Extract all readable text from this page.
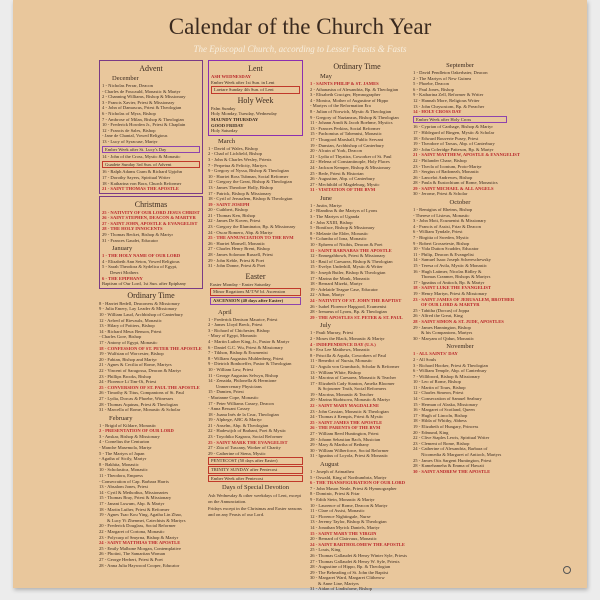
Calendar of the Church Year
The Episcopal Church, according to Lesser Feasts & Fasts
Advent
December
1 - Nicholas Ferrar, Deacon
- Charles de Foucauld, Monastic & Martyr
2 - Channing Williams, Bishop & Missionary
3 - Francis Xavier, Priest & Missionary
4 - John of Damascus, Priest & Theologian
6 - Nicholas of Myra, Bishop
7 - Ambrose of Milan, Bishop & Theologian
10 - Frederick Howden Jr., Priest & Chaplain
12 - Francis de Sales, Bishop
- Jane de Chantal, Vowed Religious
13 - Lucy of Syracuse, Martyr
Ember Week after St. Lucy's Day
14 - John of the Cross, Mystic & Monastic
Guadete Sunday 3rd Sun. of Advent
16 - Ralph Adams Cram & Richard Upjohn
17 - Dorothy Sayers, Spiritual Writer
18 - Katharina von Bora, Church Reformer
21 - SAINT THOMAS THE APOSTLE
Christmas
25 - NATIVITY OF OUR LORD JESUS CHRIST
26 - SAINT STEPHEN, DEACON & MARTYR
27 - SAINT JOHN, APOSTLE & EVANGELIST
28 - THE HOLY INNOCENTS
29 - Thomas Becket, Bishop & Martyr
31 - Frances Gaudet, Educator
January
1 - THE HOLY NAME OF OUR LORD
4 - Elizabeth Ann Seton, Vowed Religious
5 - Sarah Theodora & Sydelica of Egypt,
Desert Mothers
6 - THE EPIPHANY
Baptism of Our Lord, 1st Sun. after Epiphany
Ordinary Time
8 - Harriet Bedell, Deaconess & Missionary
9 - Julia Emery, Lay Leader & Missionary
10 - William Laud, Archbishop of Canterbury
12 - Aelred of Rievaulx, Monastic
13 - Hilary of Poitiers, Bishop
14 - Richard Meux Benson, Priest
- Charles Gore, Bishop
17 - Antony of Egypt, Monastic
18 - CONFESSION OF ST. PETER THE APOSTLE
19 - Wulfstan of Worcester, Bishop
20 - Fabian, Bishop and Martyr
21 - Agnes & Cecilia of Rome, Martyrs
22 - Vincent of Saragossa, Deacon & Martyr
23 - Phillips Brooks, Bishop
24 - Florence Li Tim-Oi, Priest
25 - CONVERSION OF ST. PAUL THE APOSTLE
26 - Timothy & Titus, Companions of St. Paul
27 - Lydia, Dorcas & Phoebe, Witnesses
28 - Thomas Aquinas, Priest & Theologian
31 - Marcella of Rome, Monastic & Scholar
February
1 - Brigid of Kildare, Monastic
2 - PRESENTATION OF OUR LORD
3 - Anskar, Bishop & Missionary
4 - Cornelius the Centurion
- Manche Masemola, Martyr
5 - The Martyrs of Japan
- Agatha of Sicily, Martyr
8 - Bakhita, Monastic
10 - Scholastica, Monastic
11 - Theodora, Empress
- Consecration of Cap. Barbara Harris
13 - Absalom Jones, Priest
14 - Cyril & Methodius, Missionaries
15 - Thomas Bray, Priest & Missionary
17 - Janani Luwum, Abp. & Martyr
18 - Martin Luther, Priest & Reformer
19 - Agnes Tsao Kou Ying, Agatha Lin Zhao,
& Lucy Yi Zhenmei, Catechists & Martyrs
20 - Frederick Douglass, Social Reformer
22 - Margaret of Cortona, Monastic
23 - Polycarp of Smyrna, Bishop & Martyr
24 - SAINT MATTHIAS THE APOSTLE
25 - Emily Malbone Morgan, Contemplative
26 - Photini, The Samaritan Woman
27 - George Herbert, Priest & Poet
28 - Anna Julia Haywood Cooper, Educator
Lent
ASH WEDNESDAY
Ember Week after 1st Sun. in Lent
Laetare Sunday 4th Sun. of Lent
Holy Week
Palm Sunday
Holy Monday, Tuesday, Wednesday
MAUNDY THURSDAY
GOOD FRIDAY
Holy Saturday
March
1 - David of Wales, Bishop
2 - Chad of Lichfield, Bishop
3 - John & Charles Wesley, Priests
7 - Perpetua & Felicity, Martyrs
9 - Gregory of Nyssa, Bishop & Theologian
10 - Harriet Ross Tubman, Social Reformer
12 - Gregory the Great, Bishop & Theologian
13 - James Theodore Holly, Bishop
17 - Patrick, Bishop & Missionary
18 - Cyril of Jerusalem, Bishop & Theologian
19 - SAINT JOSEPH
20 - Cuthbert, Bishop
21 - Thomas Ken, Bishop
22 - James De Koven, Priest
23 - Gregory the Illuminator, Bp. & Missionary
24 - Oscar Romero, Abp. & Martyr
25 - THE ANNUNCIATION TO THE BVM
26 - Harriet Monsell, Monastic
27 - Charles Henry Brent, Bishop
28 - James Solomon Russell, Priest
29 - John Keble, Priest & Poet
31 - John Donne, Priest & Poet
Easter
Easter Monday - Easter Saturday
Minor Rogations M/T/W bf. Ascension
ASCENSION (40 days after Easter)
April
1 - Frederick Denison Maurice, Priest
2 - James Lloyd Breck, Priest
3 - Richard of Chichester, Bishop
- Mary of Egypt, Monastic
4 - Martin Luther King, Jr., Pastor & Martyr
6 - Daniel G.C. Wu, Priest & Missionary
7 - Tikhon, Bishop & Ecumenist
8 - William Augustus Muhlenberg, Priest
9 - Dietrich Bonhoeffer, Pastor & Theologian
10 - William Law, Priest
11 - George Augustus Selwyn, Bishop
14 - Zenaida, Philonella & Hermione
Unmercenary Physicians
15 - Damien, Priest
- Marianne Cope, Monastic
17 - Peter Williams Cassey, Deacon
- Anna Bessant Cassey
18 - Juana Inés de la Cruz, Theologian
19 - Alphege, ABC & Martyr
21 - Anselm, Abp. & Theologian
22 - Hadewijch of Brabant, Poet & Mystic
23 - Toyohiko Kagawa, Social Reformer
25 - SAINT MARK THE EVANGELIST
27 - Zita of Tuscany, Worker of Charity
29 - Catherine of Siena, Mystic
PENTECOST (50 days after Easter)
TRINITY SUNDAY after Pentecost
Ember Week after Pentecost
Days of Special Devotion
Ash Wednesday & other weekdays of Lent, except on the Annunciation.
Fridays except in the Christmas and Easter seasons and on any Feasts of our Lord.
Ordinary Time
May
1 - SAINTS PHILIP & ST. JAMES
2 - Athanasius of Alexandria, Bp. & Theologian
3 - Elisabeth Cruciger, Hymnographer
4 - Monica, Mother of Augustine of Hippo
- Martyrs of the Reformation Era
8 - Julian of Norwich, Mystic & Theologian
9 - Gregory of Nazianzus, Bishop & Theologian
11 - Johann Arndt & Jacob Boehme, Mystics
13 - Frances Perkins, Social Reformer
15 - Pachomius of Tabennisi, Monastic
17 - Thurgood Marshall, Public Servant
19 - Dunstan, Archbishop of Canterbury
20 - Alcuin of York, Deacon
21 - Lydia of Thyatira, Coworker of St. Paul
22 - Helena of Constantinople, Holy Places
24 - Jackson Kemper, Bishop & Missionary
25 - Bede, Priest & Historian
26 - Augustine, Abp. of Canterbury
27 - Mechthild of Magdeburg, Mystic
31 - VISITATION OF THE BVM
June
1 - Justin, Martyr
2 - Blandina & the Martyrs of Lyons
3 - The Martyrs of Uganda
4 - John XXIII, Bishop
5 - Boniface, Bishop & Missionary
8 - Melanie the Elder, Monastic
9 - Columba of Iona, Monastic
10 - Ephrem of Nisibis, Deacon & Poet
11 - SAINT BARNABAS THE APOSTLE
12 - Enmegahbowh, Priest & Missionary
14 - Basil of Caesarea, Bishop & Theologian
15 - Evelyn Underhill, Mystic & Writer
16 - Joseph Butler, Bishop & Theologian
17 - Marina the Monk, Monastic
18 - Bernard Mizeki, Martyr
19 - Adelaide Teague Case, Educator
22 - Alban, Martyr
24 - NATIVITY OF ST. JOHN THE BAPTIST
26 - Isabel Florence Hapgood, Ecumenist
28 - Irenaeus of Lyons, Bp. & Theologian
29 - THE APOSTLES ST. PETER & ST. PAUL
July
1 - Pauli Murray, Priest
2 - Moses the Black, Monastic & Martyr
4 - INDEPENDENCE DAY (U.S.)
6 - Eva Lee Matthews, Monastic
8 - Priscilla & Aquila, Coworkers of Paul
11 - Benedict of Nursia, Monastic
12 - Argula von Grumbach, Scholar & Reformer
13 - William White, Bishop
14 - Macrina of Caesarea, Monastic & Teacher
17 - Elizabeth Cady Stanton, Amelia Bloomer
& Sojourner Truth, Social Reformers
19 - Macrina, Monastic & Teacher
20 - Marina Skobtsova, Monastic & Martyr
22 - SAINT MARY MAGDALENE
23 - John Cassian, Monastic & Theologian
24 - Thomas à Kempis, Priest & Mystic
25 - SAINT JAMES THE APOSTLE
26 - THE PARENTS OF THE BVM
27 - William Reed Huntington, Priest
28 - Johann Sebastian Bach, Musician
29 - Mary & Martha of Bethany
30 - William Wilberforce, Social Reformer
31 - Ignatius of Loyola, Priest & Monastic
August
1 - Joseph of Arimathea
5 - Oswald, King of Northumbria, Martyr
6 - THE TRANSFIGURATION OF OUR LORD
7 - John Mason Neale, Priest & Hymnographer
8 - Dominic, Priest & Friar
9 - Edith Stein, Monastic & Martyr
10 - Laurence of Rome, Deacon & Martyr
11 - Clare of Assisi, Monastic
12 - Florence Nightingale, Nurse
13 - Jeremy Taylor, Bishop & Theologian
14 - Jonathan Myrick Daniels, Martyr
15 - SAINT MARY THE VIRGIN
20 - Bernard of Clairvaux, Monastic
24 - SAINT BARTHOLOMEW THE APOSTLE
25 - Louis, King
26 - Thomas Gallaudet & Henry Winter Syle, Priests
27 - Thomas Gallaudet & Henry W. Syle, Priests
28 - Augustine of Hippo, Bp. & Theologian
29 - The Beheading of St. John the Baptist
30 - Margaret Ward, Margaret Clitherow
& Anne Line, Martyrs
31 - Aidan of Lindisfarne, Bishop
September
1 - David Pendleton Oakerhater, Deacon
2 - The Martyrs of New Guinea
5 - Phoebe, Deacon
6 - Paul Jones, Bishop
9 - Katharina Zell, Reformer & Writer
12 - Hannah More, Religious Writer
13 - John Chrysostom, Bp. & Preacher
14 - HOLY CROSS DAY
Ember Week after Holy Cross
16 - Cyprian of Carthage, Bishop & Martyr
17 - Hildegard of Bingen, Mystic & Scholar
18 - Edward Bouverie Pusey, Priest
19 - Theodore of Tarsus, Abp. of Canterbury
20 - John Coleridge Patteson, Bp. & Martyr
21 - SAINT MATTHEW, APOSTLE & EVANGELIST
22 - Philander Chase, Bishop
23 - Thecla of Iconium, Proto-Martyr
25 - Sergius of Radonezh, Monastic
26 - Lancelot Andrewes, Bishop
28 - Paula & Eustochium of Rome, Monastics
29 - SAINT MICHAEL & ALL ANGELS
30 - Jerome, Priest & Scholar
October
1 - Remigius of Rheims, Bishop
- Therese of Lisieux, Monastic
3 - John Mott, Ecumenist & Missionary
4 - Francis of Assisi, Friar & Deacon
6 - William Tyndale, Priest
7 - Birgitta of Sweden, Mystic
9 - Robert Grosseteste, Bishop
10 - Vida Dutton Scudder, Educator
11 - Philip, Deacon & Evangelist
14 - Samuel Isaac Joseph Schereschewsky
15 - Teresa of Avila, Mystic & Monastic
16 - Hugh Latimer, Nicolas Ridley &
Thomas Cranmer, Bishops & Martyrs
17 - Ignatius of Antioch, Bp. & Martyr
18 - SAINT LUKE THE EVANGELIST
19 - Henry Martyn, Priest & Missionary
23 - SAINT JAMES OF JERUSALEM, BROTHER
OF OUR LORD & MARTYR
25 - Tabitha (Dorcas) of Joppa
26 - Alfred the Great, King
28 - SAINT SIMON & ST. JUDE, APOSTLES
29 - James Hannington, Bishop
& his Companions, Martyrs
30 - Maryam of Qidun, Monastic
November
1 - ALL SAINTS' DAY
2 - All Souls
3 - Richard Hooker, Priest & Theologian
6 - William Temple, Abp. of Canterbury
7 - Willibrord, Bishop & Missionary
10 - Leo of Rome, Bishop
11 - Martin of Tours, Bishop
12 - Charles Simeon, Priest
14 - Consecration of Samuel Seabury
15 - Herman of Alaska, Missionary
16 - Margaret of Scotland, Queen
17 - Hugh of Lincoln, Bishop
18 - Hilda of Whitby, Abbess
19 - Elizabeth of Hungary, Princess
20 - Edmund, King
22 - Clive Staples Lewis, Spiritual Writer
23 - Clement of Rome, Bishop
24 - Catherine of Alexandria, Barbara of
Nicomedia & Margaret of Antioch, Martyrs
25 - James Otis Sargent Huntington, Priest
28 - Kamehameha & Emma of Hawaii
30 - SAINT ANDREW THE APOSTLE
